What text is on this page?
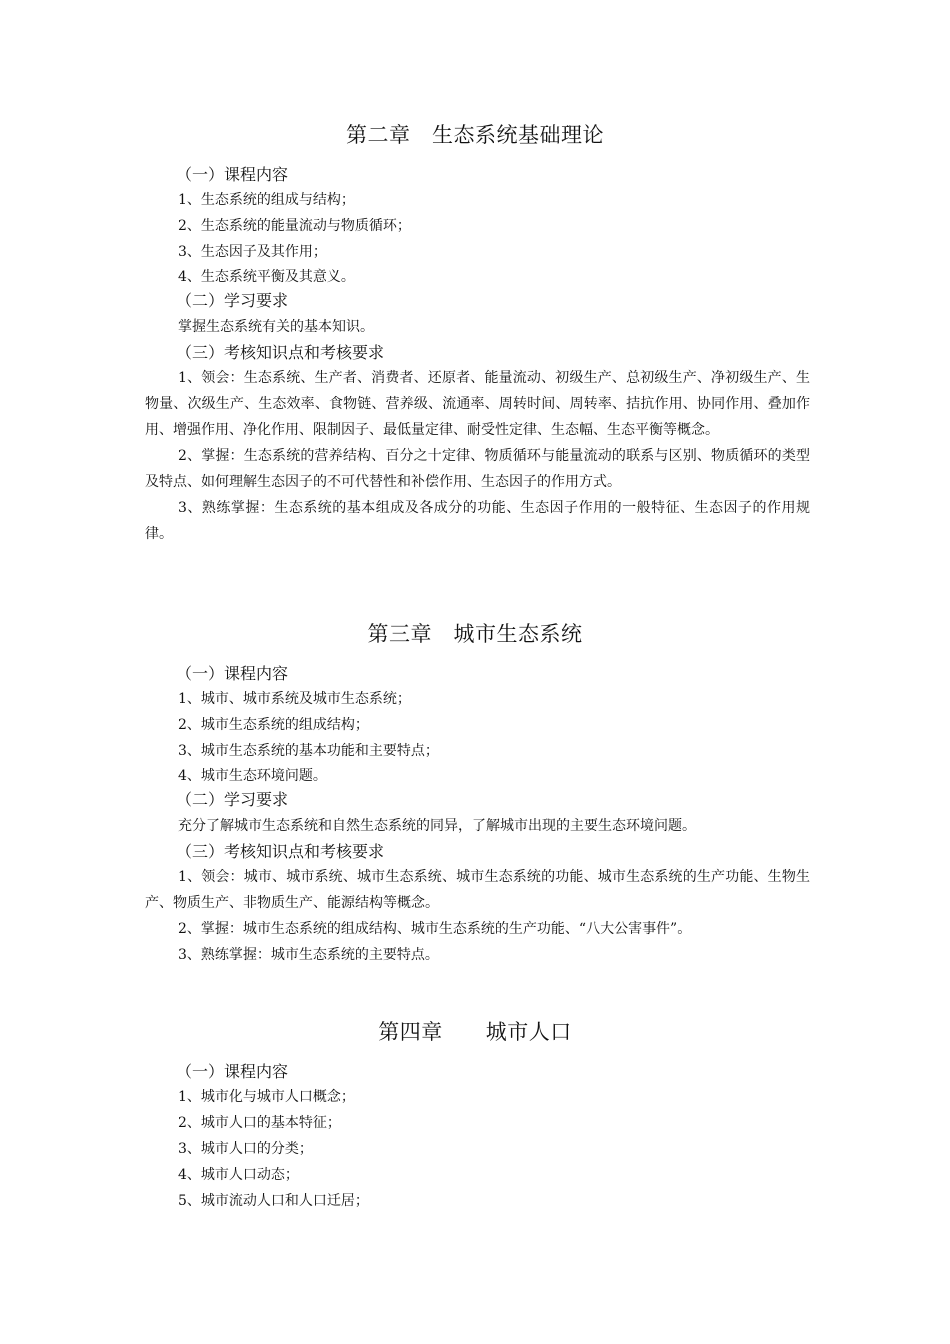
第二章　生态系统基础理论

（一）课程内容

1、生态系统的组成与结构；

2、生态系统的能量流动与物质循环；

3、生态因子及其作用；

4、生态系统平衡及其意义。

（二）学习要求

掌握生态系统有关的基本知识。

（三）考核知识点和考核要求

1、领会：生态系统、生产者、消费者、还原者、能量流动、初级生产、总初级生产、净初级生产、生物量、次级生产、生态效率、食物链、营养级、流通率、周转时间、周转率、拮抗作用、协同作用、叠加作用、增强作用、净化作用、限制因子、最低量定律、耐受性定律、生态幅、生态平衡等概念。

2、掌握：生态系统的营养结构、百分之十定律、物质循环与能量流动的联系与区别、物质循环的类型及特点、如何理解生态因子的不可代替性和补偿作用、生态因子的作用方式。

3、熟练掌握：生态系统的基本组成及各成分的功能、生态因子作用的一般特征、生态因子的作用规律。

第三章　城市生态系统

（一）课程内容

1、城市、城市系统及城市生态系统；

2、城市生态系统的组成结构；

3、城市生态系统的基本功能和主要特点；

4、城市生态环境问题。

（二）学习要求

充分了解城市生态系统和自然生态系统的同异，了解城市出现的主要生态环境问题。

（三）考核知识点和考核要求

1、领会：城市、城市系统、城市生态系统、城市生态系统的功能、城市生态系统的生产功能、生物生产、物质生产、非物质生产、能源结构等概念。

2、掌握：城市生态系统的组成结构、城市生态系统的生产功能、“八大公害事件”。

3、熟练掌握：城市生态系统的主要特点。

第四章　　城市人口

（一）课程内容

1、城市化与城市人口概念；

2、城市人口的基本特征；

3、城市人口的分类；

4、城市人口动态；

5、城市流动人口和人口迁居；
